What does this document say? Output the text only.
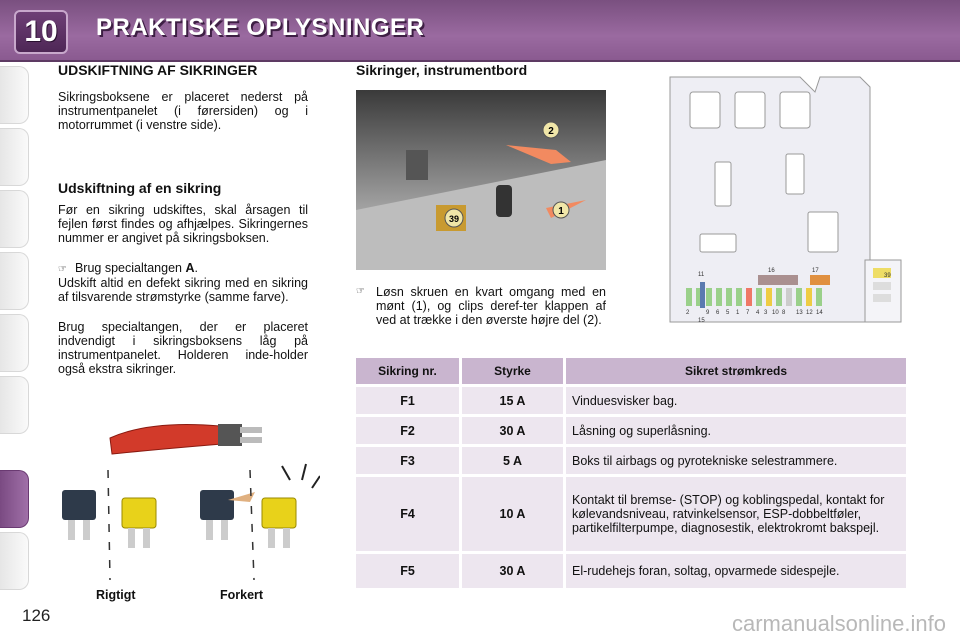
10	PRAKTISKE OPLYSNINGER
126
UDSKIFTNING AF SIKRINGER

Sikringsboksene er placeret nederst på instrumentpanelet (i førersiden) og i motorrummet (i venstre side).

Udskiftning af en sikring

Før en sikring udskiftes, skal årsagen til fejlen først findes og afhjælpes. Sikringernes nummer er angivet på sikringsboksen.

☞ Brug specialtangen A.

Udskift altid en defekt sikring med en sikring af tilsvarende strømstyrke (samme farve).

Brug specialtangen, der er placeret indvendigt i sikringsboksens låg på instrumentpanelet. Holderen inde-holder også ekstra sikringer.

Rigtigt	Forkert
Sikringer, instrumentbord
2
1
39
11
16	17
39
2	9 6 5 1 7 4 3 10 8 13 12 14
15
☞ Løsn skruen en kvart omgang med en mønt (1), og clips deref-ter klappen af ved at trække i den øverste højre del (2).
Sikring nr.	Styrke	Sikret strømkreds
F1	15 A	Vinduesvisker bag.
F2	30 A	Låsning og superlåsning.
F3	5 A	Boks til airbags og pyrotekniske selestrammere.
F4	10 A	Kontakt til bremse- (STOP) og koblingspedal, kontakt for kølevandsniveau, ratvinkelsensor, ESP-dobbeltføler, partikelfilterpumpe, diagnosestik, elektrokromt bakspejl.
F5	30 A	El-rudehejs foran, soltag, opvarmede sidespejle.
carmanualsonline.info
